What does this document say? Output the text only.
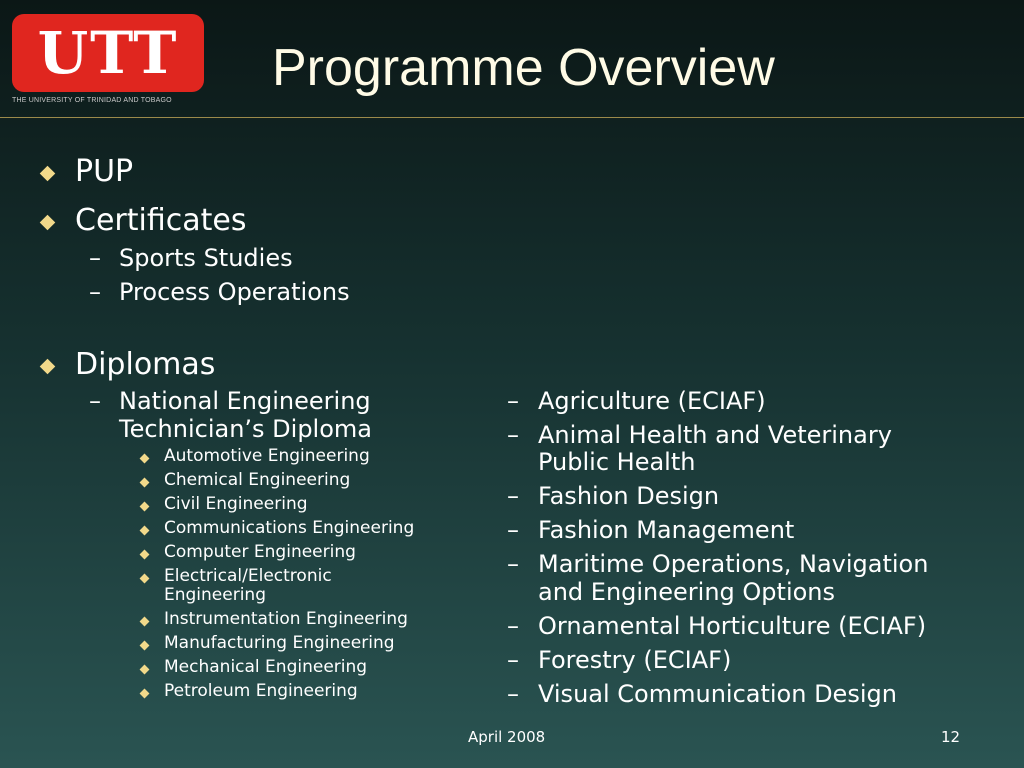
UTT
THE UNIVERSITY OF TRINIDAD AND TOBAGO
Programme Overview
PUP
Certificates
– Sports Studies
– Process Operations
Diplomas
– National Engineering
Technician’s Diploma
Automotive Engineering
Chemical Engineering
Civil Engineering
Communications Engineering
Computer Engineering
Electrical/Electronic
Engineering
Instrumentation Engineering
Manufacturing Engineering
Mechanical Engineering
Petroleum Engineering
– Agriculture (ECIAF)
– Animal Health and Veterinary
Public Health
– Fashion Design
– Fashion Management
– Maritime Operations, Navigation
and Engineering Options
– Ornamental Horticulture (ECIAF)
– Forestry (ECIAF)
– Visual Communication Design
April 2008	12
